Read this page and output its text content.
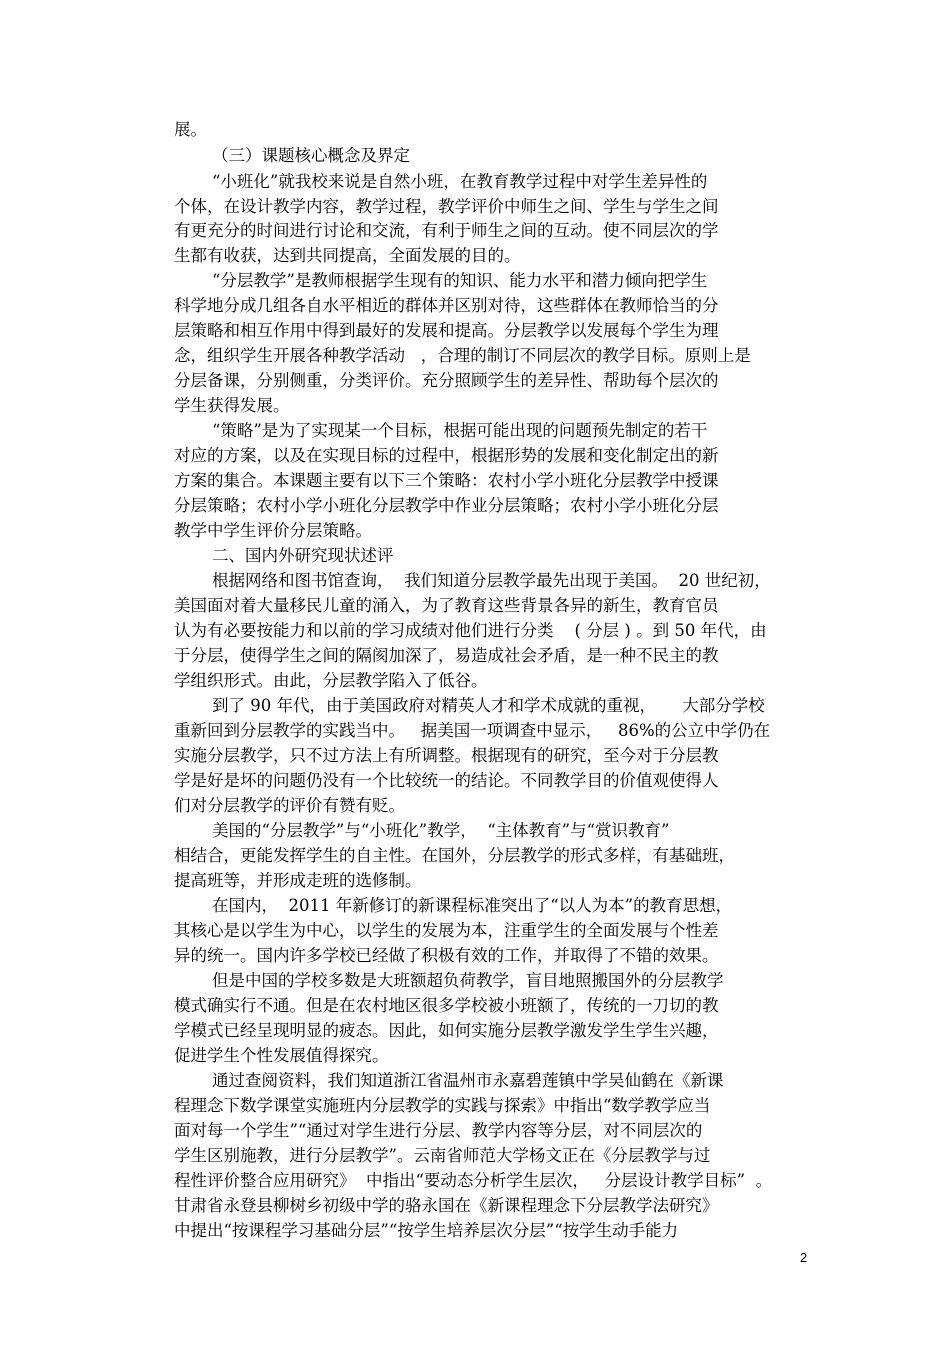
展。
（三）课题核心概念及界定
“小班化”就我校来说是自然小班，在教育教学过程中对学生差异性的
个体，在设计教学内容，教学过程，教学评价中师生之间、学生与学生之间
有更充分的时间进行讨论和交流，有利于师生之间的互动。使不同层次的学
生都有收获，达到共同提高，全面发展的目的。
“分层教学”是教师根据学生现有的知识、能力水平和潜力倾向把学生
科学地分成几组各自水平相近的群体并区别对待，这些群体在教师恰当的分
层策略和相互作用中得到最好的发展和提高。分层教学以发展每个学生为理
念，组织学生开展各种教学活动   ，合理的制订不同层次的教学目标。原则上是
分层备课，分别侧重，分类评价。充分照顾学生的差异性、帮助每个层次的
学生获得发展。
“策略”是为了实现某一个目标，根据可能出现的问题预先制定的若干
对应的方案，以及在实现目标的过程中，根据形势的发展和变化制定出的新
方案的集合。本课题主要有以下三个策略：农村小学小班化分层教学中授课
分层策略；农村小学小班化分层教学中作业分层策略；农村小学小班化分层
教学中学生评价分层策略。
二、国内外研究现状述评
根据网络和图书馆查询，  我们知道分层教学最先出现于美国。  20 世纪初，
美国面对着大量移民儿童的涌入，为了教育这些背景各异的新生，教育官员
认为有必要按能力和以前的学习成绩对他们进行分类    ( 分层 ) 。到 50 年代，由
于分层，使得学生之间的隔阂加深了，易造成社会矛盾，是一种不民主的教
学组织形式。由此，分层教学陷入了低谷。
到了 90 年代，由于美国政府对精英人才和学术成就的重视，     大部分学校
重新回到分层教学的实践当中。   据美国一项调查中显示，   86%的公立中学仍在
实施分层教学，只不过方法上有所调整。根据现有的研究，至今对于分层教
学是好是坏的问题仍没有一个比较统一的结论。不同教学目的价值观使得人
们对分层教学的评价有赞有贬。
美国的“分层教学”与“小班化”教学，  “主体教育”与“赏识教育”
相结合，更能发挥学生的自主性。在国外，分层教学的形式多样，有基础班，
提高班等，并形成走班的选修制。
在国内，  2011 年新修订的新课程标准突出了“以人为本”的教育思想，
其核心是以学生为中心，以学生的发展为本，注重学生的全面发展与个性差
异的统一。国内许多学校已经做了积极有效的工作，并取得了不错的效果。
但是中国的学校多数是大班额超负荷教学，盲目地照搬国外的分层教学
模式确实行不通。但是在农村地区很多学校被小班额了，传统的一刀切的教
学模式已经呈现明显的疲态。因此，如何实施分层教学激发学生学生兴趣，
促进学生个性发展值得探究。
通过查阅资料，我们知道浙江省温州市永嘉碧莲镇中学吴仙鹤在《新课
程理念下数学课堂实施班内分层教学的实践与探索》中指出“数学教学应当
面对每一个学生”“通过对学生进行分层、教学内容等分层，对不同层次的
学生区别施教，进行分层教学”。云南省师范大学杨文正在《分层教学与过
程性评价整合应用研究》  中指出“要动态分析学生层次，   分层设计教学目标”  。
甘肃省永登县柳树乡初级中学的骆永国在《新课程理念下分层教学法研究》
中提出“按课程学习基础分层”“按学生培养层次分层”“按学生动手能力
2
